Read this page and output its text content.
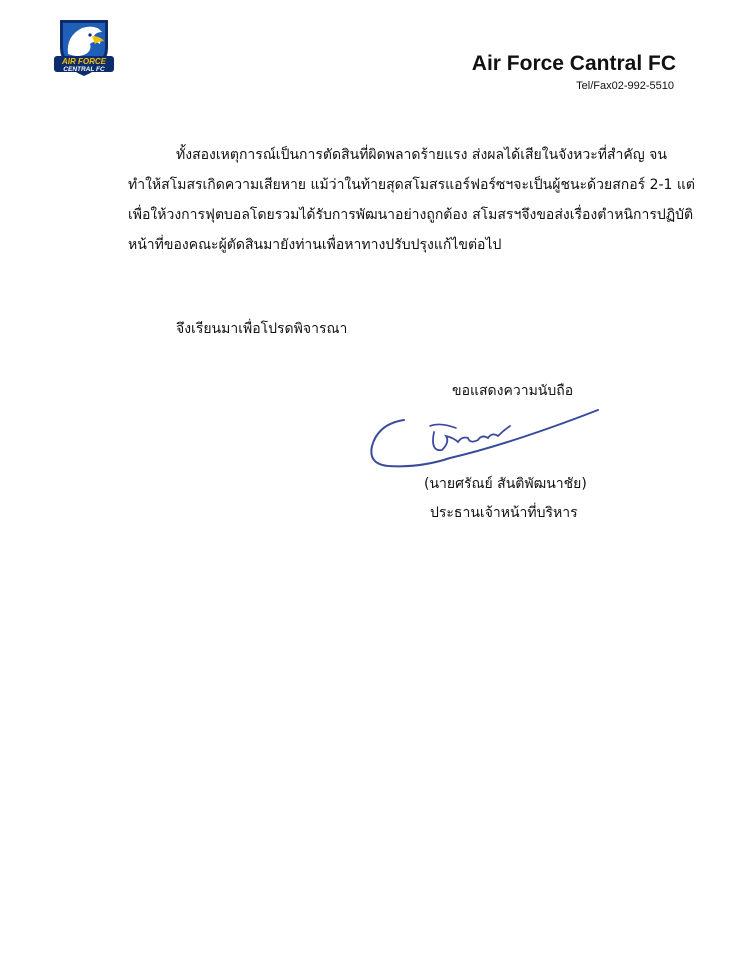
AIR FORCE
CENTRAL FC	Air Force Cantral FC
Tel/Fax02-992-5510
ทั้งสองเหตุการณ์เป็นการตัดสินที่ผิดพลาดร้ายแรง ส่งผลได้เสียในจังหวะที่สำคัญ จน
ทำให้สโมสรเกิดความเสียหาย แม้ว่าในท้ายสุดสโมสรแอร์ฟอร์ซฯจะเป็นผู้ชนะด้วยสกอร์ 2-1 แต่
เพื่อให้วงการฟุตบอลโดยรวมได้รับการพัฒนาอย่างถูกต้อง สโมสรฯจึงขอส่งเรื่องตำหนิการปฏิบัติ
หน้าที่ของคณะผู้ตัดสินมายังท่านเพื่อหาทางปรับปรุงแก้ไขต่อไป
จึงเรียนมาเพื่อโปรดพิจารณา
ขอแสดงความนับถือ
(นายศรัณย์ สันติพัฒนาชัย)
ประธานเจ้าหน้าที่บริหาร
